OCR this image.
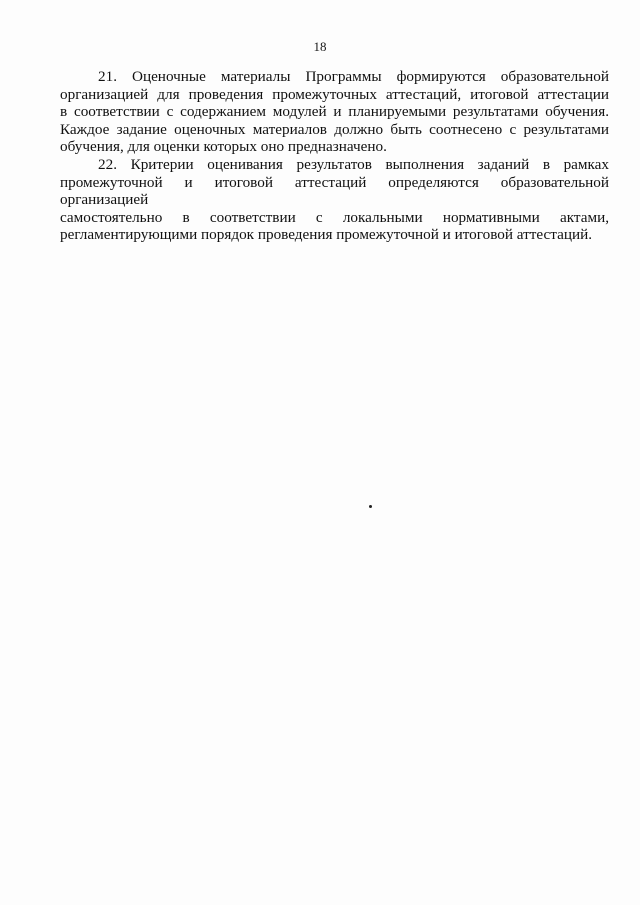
18

21. Оценочные материалы Программы формируются образовательной
организацией для проведения промежуточных аттестаций, итоговой аттестации
в соответствии с содержанием модулей и планируемыми результатами обучения.
Каждое задание оценочных материалов должно быть соотнесено с результатами
обучения, для оценки которых оно предназначено.

22. Критерии оценивания результатов выполнения заданий в рамках
промежуточной и итоговой аттестаций определяются образовательной организацией
самостоятельно в соответствии с локальными нормативными актами,
регламентирующими порядок проведения промежуточной и итоговой аттестаций.
